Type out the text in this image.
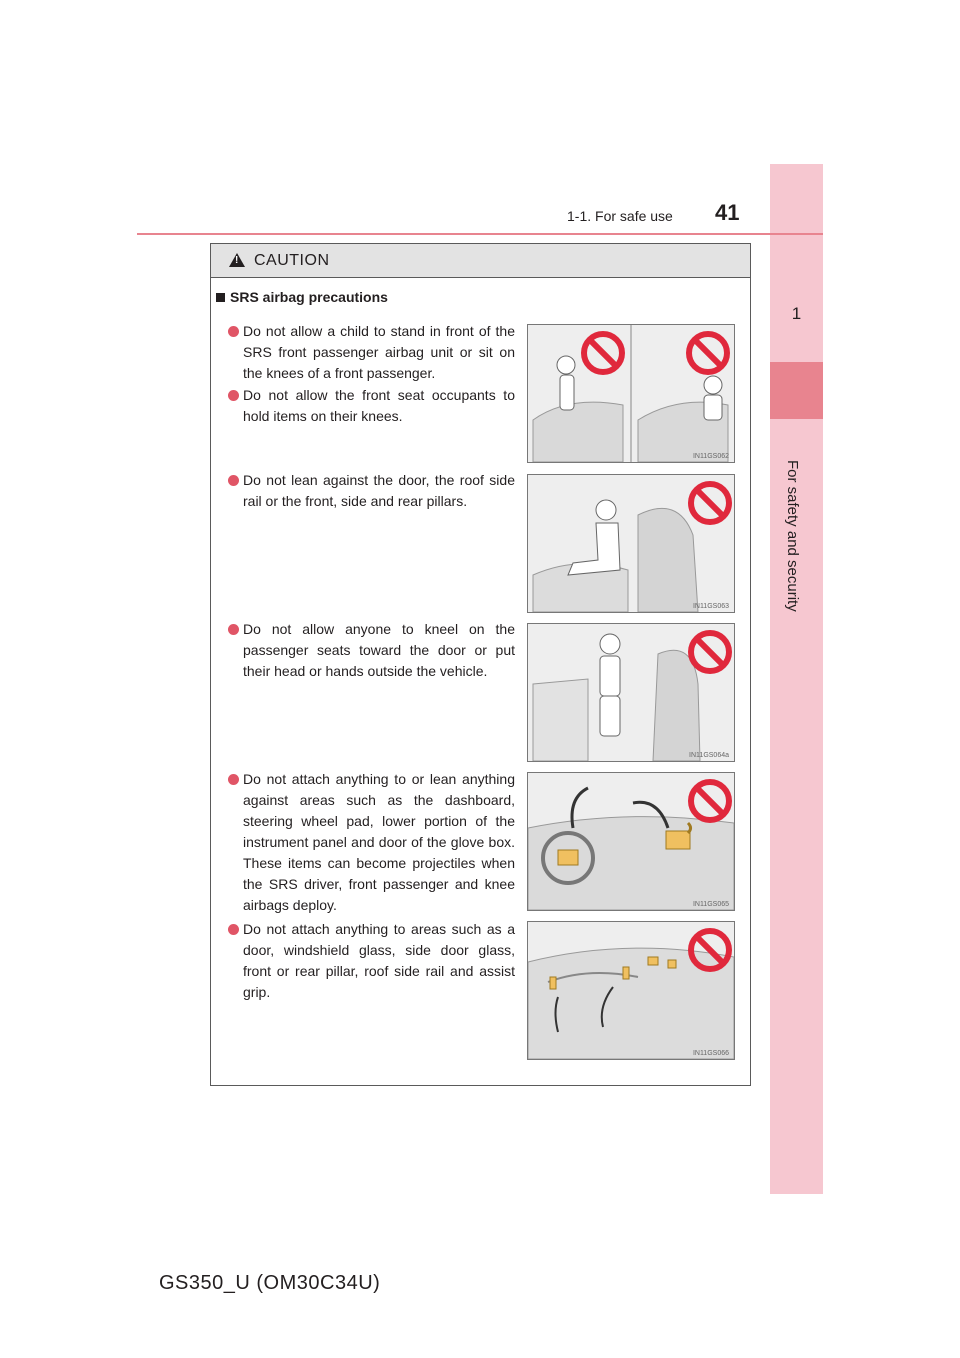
1
For safety and security
1-1. For safe use 41
!
CAUTION
SRS airbag precautions
Do not allow a child to stand in front of the SRS front passenger airbag unit or sit on the knees of a front passenger.
Do not allow the front seat occupants to hold items on their knees.
Do not lean against the door, the roof side rail or the front, side and rear pillars.
Do not allow anyone to kneel on the passenger seats toward the door or put their head or hands outside the vehicle.
Do not attach anything to or lean anything against areas such as the dashboard, steering wheel pad, lower portion of the instrument panel and door of the glove box. These items can become projectiles when the SRS driver, front passenger and knee airbags deploy.
Do not attach anything to areas such as a door, windshield glass, side door glass, front or rear pillar, roof side rail and assist grip.
IN11GS062
IN11GS063
IN11GS064a
IN11GS065
IN11GS066
GS350_U (OM30C34U)
